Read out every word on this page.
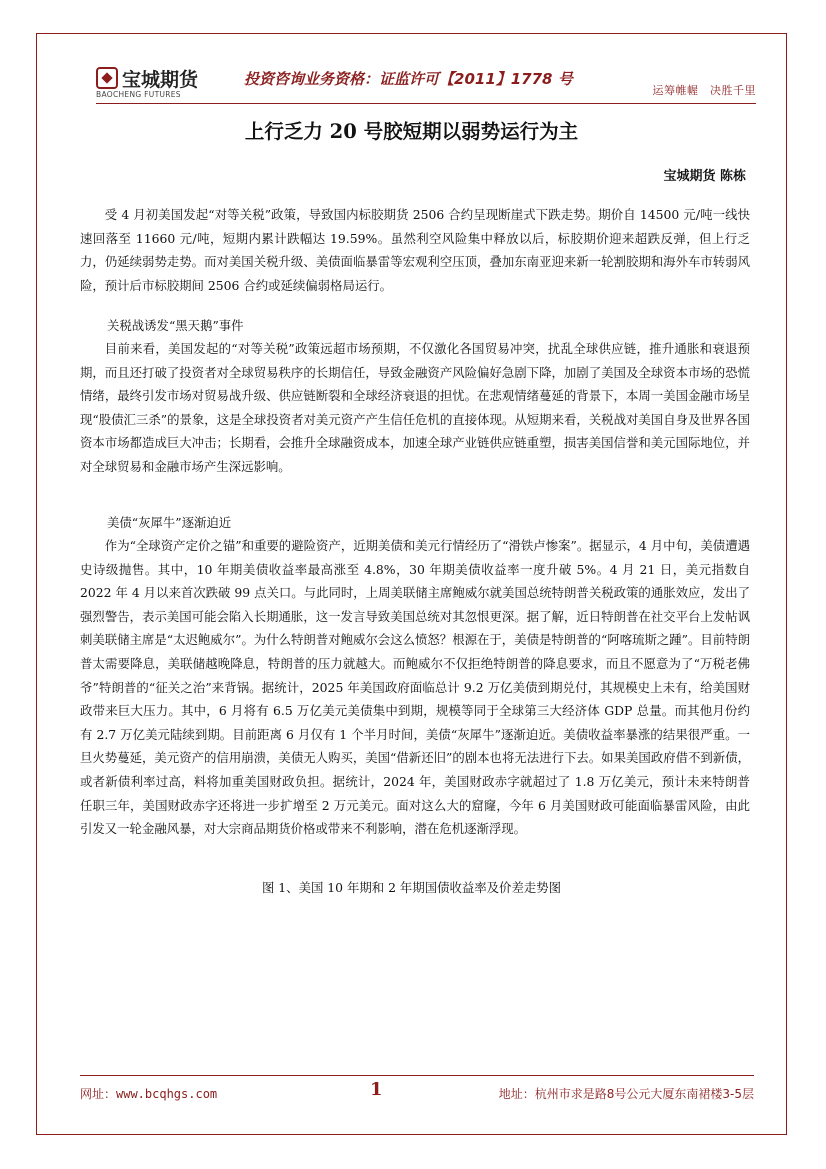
宝城期货
BAOCHENG FUTURES
投资咨询业务资格：证监许可【2011】1778 号
运筹帷幄　决胜千里
上行乏力 20 号胶短期以弱势运行为主
宝城期货 陈栋

受 4 月初美国发起“对等关税”政策，导致国内标胶期货 2506 合约呈现断崖式下跌走势。期价自 14500 元/吨一线快速回落至 11660 元/吨，短期内累计跌幅达 19.59%。虽然利空风险集中释放以后，标胶期价迎来超跌反弹，但上行乏力，仍延续弱势走势。而对美国关税升级、美债面临暴雷等宏观利空压顶，叠加东南亚迎来新一轮割胶期和海外车市转弱风险，预计后市标胶期间 2506 合约或延续偏弱格局运行。

关税战诱发“黑天鹅”事件

目前来看，美国发起的“对等关税”政策远超市场预期，不仅激化各国贸易冲突，扰乱全球供应链，推升通胀和衰退预期，而且还打破了投资者对全球贸易秩序的长期信任，导致金融资产风险偏好急剧下降，加剧了美国及全球资本市场的恐慌情绪，最终引发市场对贸易战升级、供应链断裂和全球经济衰退的担忧。在悲观情绪蔓延的背景下，本周一美国金融市场呈现“股债汇三杀”的景象，这是全球投资者对美元资产产生信任危机的直接体现。从短期来看，关税战对美国自身及世界各国资本市场都造成巨大冲击；长期看，会推升全球融资成本，加速全球产业链供应链重塑，损害美国信誉和美元国际地位，并对全球贸易和金融市场产生深远影响。

美债“灰犀牛”逐渐迫近

作为“全球资产定价之锚”和重要的避险资产，近期美债和美元行情经历了“滑铁卢惨案”。据显示，4 月中旬，美债遭遇史诗级抛售。其中，10 年期美债收益率最高涨至 4.8%，30 年期美债收益率一度升破 5%。4 月 21 日，美元指数自 2022 年 4 月以来首次跌破 99 点关口。与此同时，上周美联储主席鲍威尔就美国总统特朗普关税政策的通胀效应，发出了强烈警告，表示美国可能会陷入长期通胀，这一发言导致美国总统对其忽恨更深。据了解，近日特朗普在社交平台上发帖讽刺美联储主席是“太迟鲍威尔”。为什么特朗普对鲍威尔会这么愤怒？根源在于，美债是特朗普的“阿喀琉斯之踵”。目前特朗普太需要降息，美联储越晚降息，特朗普的压力就越大。而鲍威尔不仅拒绝特朗普的降息要求，而且不愿意为了“万税老佛爷”特朗普的“征关之治”来背锅。据统计，2025 年美国政府面临总计 9.2 万亿美债到期兑付，其规模史上未有，给美国财政带来巨大压力。其中，6 月将有 6.5 万亿美元美债集中到期，规模等同于全球第三大经济体 GDP 总量。而其他月份约有 2.7 万亿美元陆续到期。目前距离 6 月仅有 1 个半月时间，美债“灰犀牛”逐渐迫近。美债收益率暴涨的结果很严重。一旦火势蔓延，美元资产的信用崩溃，美债无人购买，美国“借新还旧”的剧本也将无法进行下去。如果美国政府借不到新债，或者新债利率过高，料将加重美国财政负担。据统计，2024 年，美国财政赤字就超过了 1.8 万亿美元，预计未来特朗普任职三年，美国财政赤字还将进一步扩增至 2 万元美元。面对这么大的窟窿，今年 6 月美国财政可能面临暴雷风险，由此引发又一轮金融风暴，对大宗商品期货价格或带来不利影响，潜在危机逐渐浮现。

图 1、美国 10 年期和 2 年期国债收益率及价差走势图
网址：www.bcqhgs.com	1	地址：杭州市求是路8号公元大厦东南裙楼3-5层
